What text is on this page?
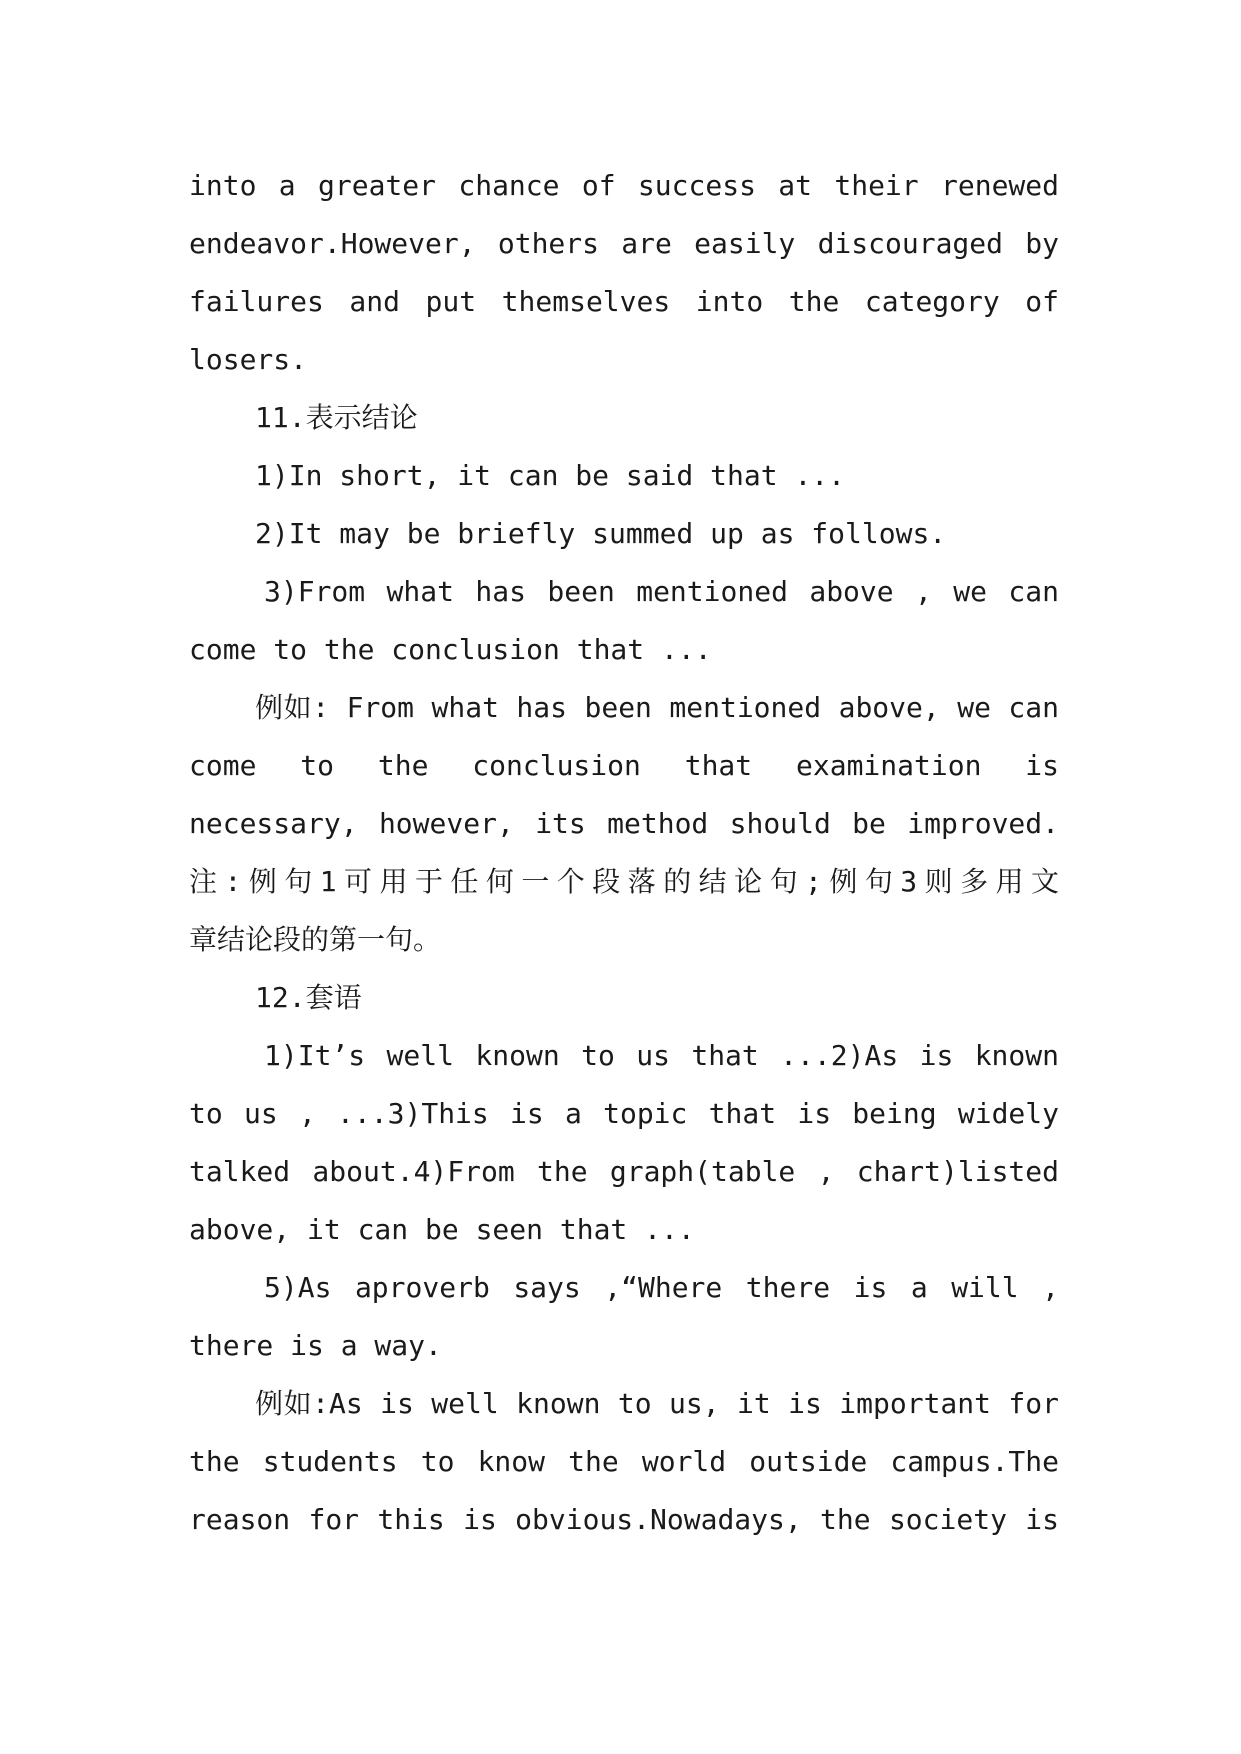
into a greater chance of success at their renewed
endeavor.However, others are easily discouraged by
failures and put themselves into the category of
losers.
11.表示结论
1)In short, it can be said that ...
2)It may be briefly summed up as follows.
3)From what has been mentioned above , we can
come to the conclusion that ...
例如: From what has been mentioned above, we can
come to the conclusion that examination is
necessary, however, its method should be improved.
注:例句1可用于任何一个段落的结论句;例句3则多用文
章结论段的第一句。
12.套语
1)It’s well known to us that ...2)As is known
to us , ...3)This is a topic that is being widely
talked about.4)From the graph(table , chart)listed
above, it can be seen that ...
5)As aproverb says ,“Where there is a will ,
there is a way.
例如:As is well known to us, it is important for
the students to know the world outside campus.The
reason for this is obvious.Nowadays, the society is
